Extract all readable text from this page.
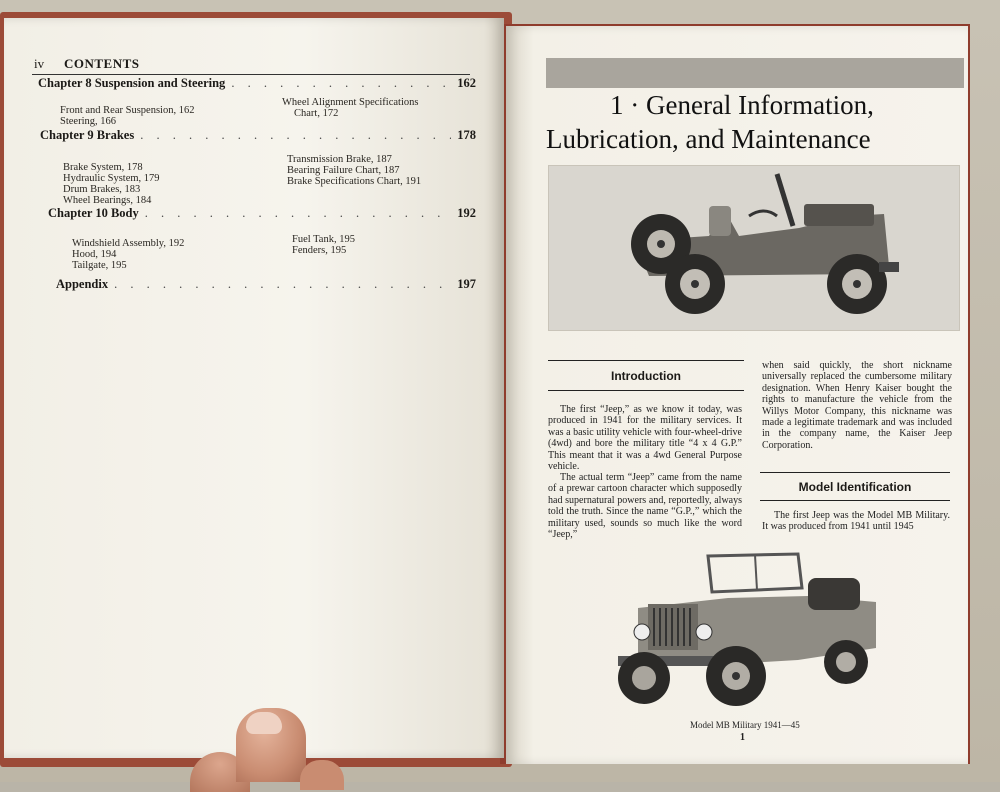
iv CONTENTS
Chapter 8 Suspension and Steering . . .	162
Front and Rear Suspension, 162
Steering, 166
Wheel Alignment Specifications
Chart, 172
Chapter 9 Brakes . . .	178
Brake System, 178
Hydraulic System, 179
Drum Brakes, 183
Wheel Bearings, 184
Transmission Brake, 187
Bearing Failure Chart, 187
Brake Specifications Chart, 191
Chapter 10 Body . . .	192
Windshield Assembly, 192
Hood, 194
Tailgate, 195
Fuel Tank, 195
Fenders, 195
Appendix . . .	197
1 · General Information,
Lubrication, and Maintenance
Introduction
The first “Jeep,” as we know it today, was produced in 1941 for the military services. It was a basic utility vehicle with four-wheel-drive (4wd) and bore the military title “4 x 4 G.P.” This meant that it was a 4wd General Purpose vehicle.
The actual term “Jeep” came from the name of a prewar cartoon character which supposedly had supernatural powers and, reportedly, always told the truth. Since the name “G.P.,” which the military used, sounds so much like the word “Jeep,”
when said quickly, the short nickname universally replaced the cumbersome military designation. When Henry Kaiser bought the rights to manufacture the vehicle from the Willys Motor Company, this nickname was made a legitimate trademark and was included in the company name, the Kaiser Jeep Corporation.
Model Identification
The first Jeep was the Model MB Military. It was produced from 1941 until 1945
Model MB Military 1941—45
1
